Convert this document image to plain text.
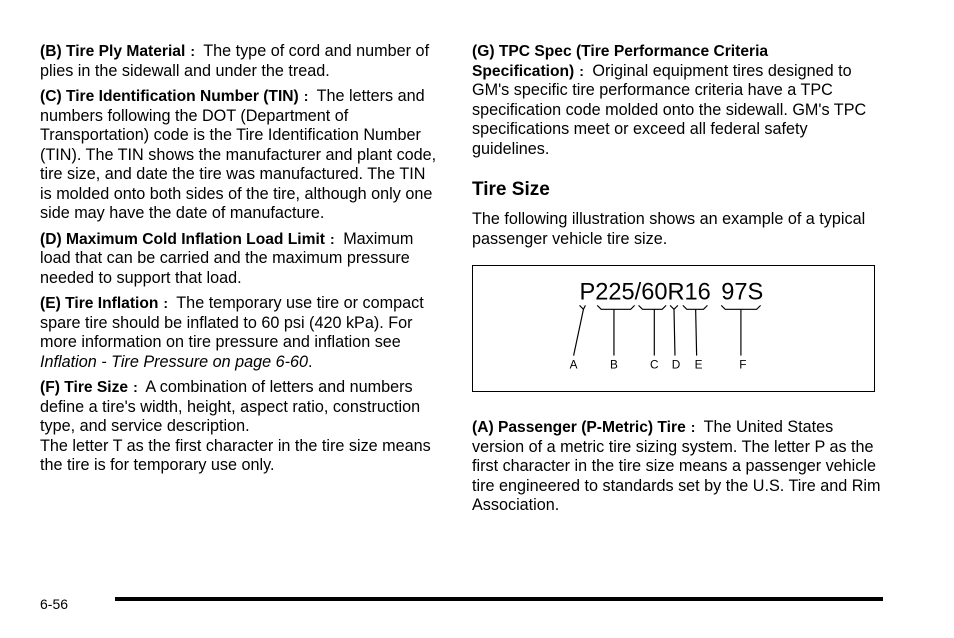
(B) Tire Ply Material : The type of cord and number of plies in the sidewall and under the tread.
(C) Tire Identification Number (TIN) : The letters and numbers following the DOT (Department of Transportation) code is the Tire Identification Number (TIN). The TIN shows the manufacturer and plant code, tire size, and date the tire was manufactured. The TIN is molded onto both sides of the tire, although only one side may have the date of manufacture.
(D) Maximum Cold Inflation Load Limit : Maximum load that can be carried and the maximum pressure needed to support that load.
(E) Tire Inflation : The temporary use tire or compact spare tire should be inflated to 60 psi (420 kPa). For more information on tire pressure and inflation see Inflation - Tire Pressure on page 6-60.
(F) Tire Size : A combination of letters and numbers define a tire's width, height, aspect ratio, construction type, and service description.
The letter T as the first character in the tire size means the tire is for temporary use only.
(G) TPC Spec (Tire Performance Criteria Specification) : Original equipment tires designed to GM's specific tire performance criteria have a TPC specification code molded onto the sidewall. GM's TPC specifications meet or exceed all federal safety guidelines.
Tire Size
The following illustration shows an example of a typical passenger vehicle tire size.
P225/60R16 97S
A	B	C D E	F
(A) Passenger (P-Metric) Tire : The United States version of a metric tire sizing system. The letter P as the first character in the tire size means a passenger vehicle tire engineered to standards set by the U.S. Tire and Rim Association.
6-56
